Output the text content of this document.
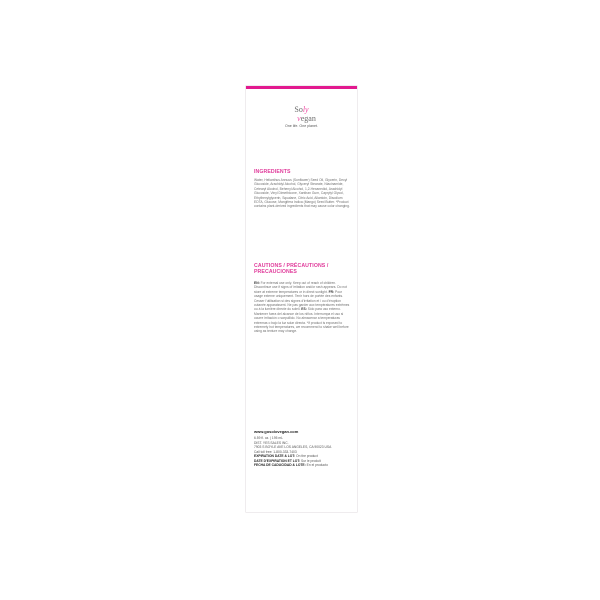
Soly
vegan
One life. One planet.
INGREDIENTS

Water, Helianthus Annuus (Sunflower) Seed Oil, Glycerin, Decyl Glucoside, Arachidyl Alcohol, Glyceryl Stearate, Niacinamide, Cetearyl Alcohol, Behenyl Alcohol, 1,2-Hexanediol, Arachidyl Glucoside, Vinyl Dimethicone, Xanthan Gum, Caprylyl Glycol, Ethylhexylglycerin, Squalane, Citric Acid, Allantoin, Disodium EDTA, Glucose, Mangifera Indica (Mango) Seed Butter. *Product contains plant-derived ingredients that may cause color changing.

CAUTIONS / PRÉCAUTIONS / PRECAUCIONES

EN: For external use only. Keep out of reach of children. Discontinue use if signs of irritation and/or rash appears. Do not store at extreme temperatures or in direct sunlight. FR: Pour usage externe uniquement. Tenir hors de portée des enfants. Cesser l'utilisation si des signes d'irritation et / ou d'éruption cutanée apparaissent. Ne pas garder aux températures extrêmes ou à la lumière directe du soleil. ES: Sólo para uso externo. Mantener fuera del alcance de los niños. Interrumpa el uso si ocurre irritación o sarpullido. No almacenar a temperaturas extremas o bajo la luz solar directa. *If product is exposed to extremely hot temperatures, we recommend to shake well before using as texture may change.

www.gosolovegan.com
6.59 fl. oz. | 195 mL
DIST. YES SALES INC.
7903 S BOYLE AVE LOS ANGELES, CA 90023 USA
Call toll free: 1-800-333-7403
EXPIRATION DATE & LOT: On the product
DATE D'EXPIRATION ET LOT: Sur le produit
FECHA DE CADUCIDAD & LOTE: En el producto
